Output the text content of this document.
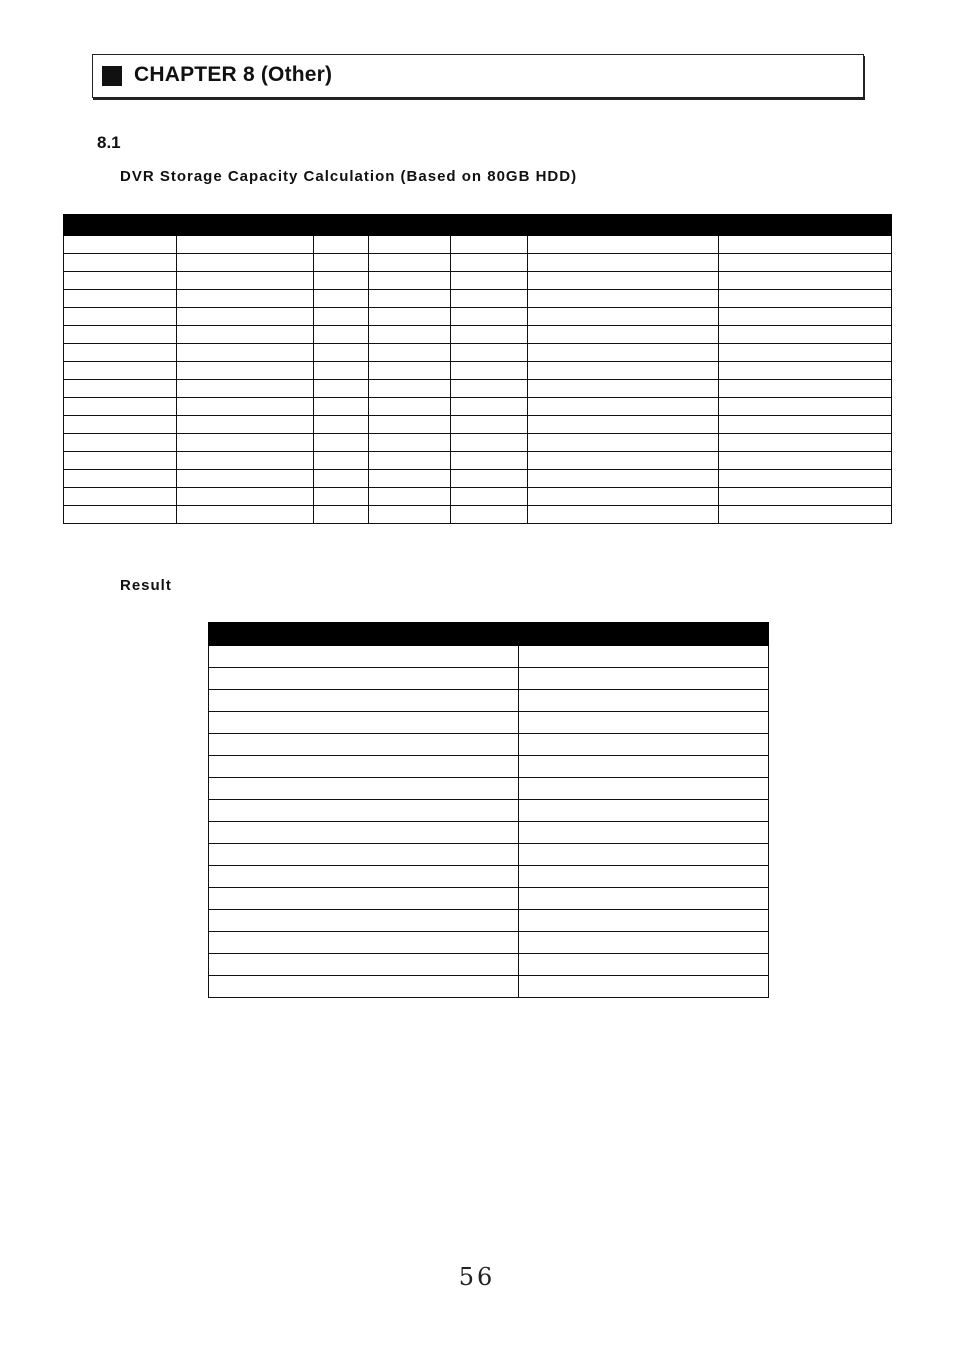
CHAPTER 8 (Other)
8.1
DVR Storage Capacity Calculation (Based on 80GB HDD)

Result

56
